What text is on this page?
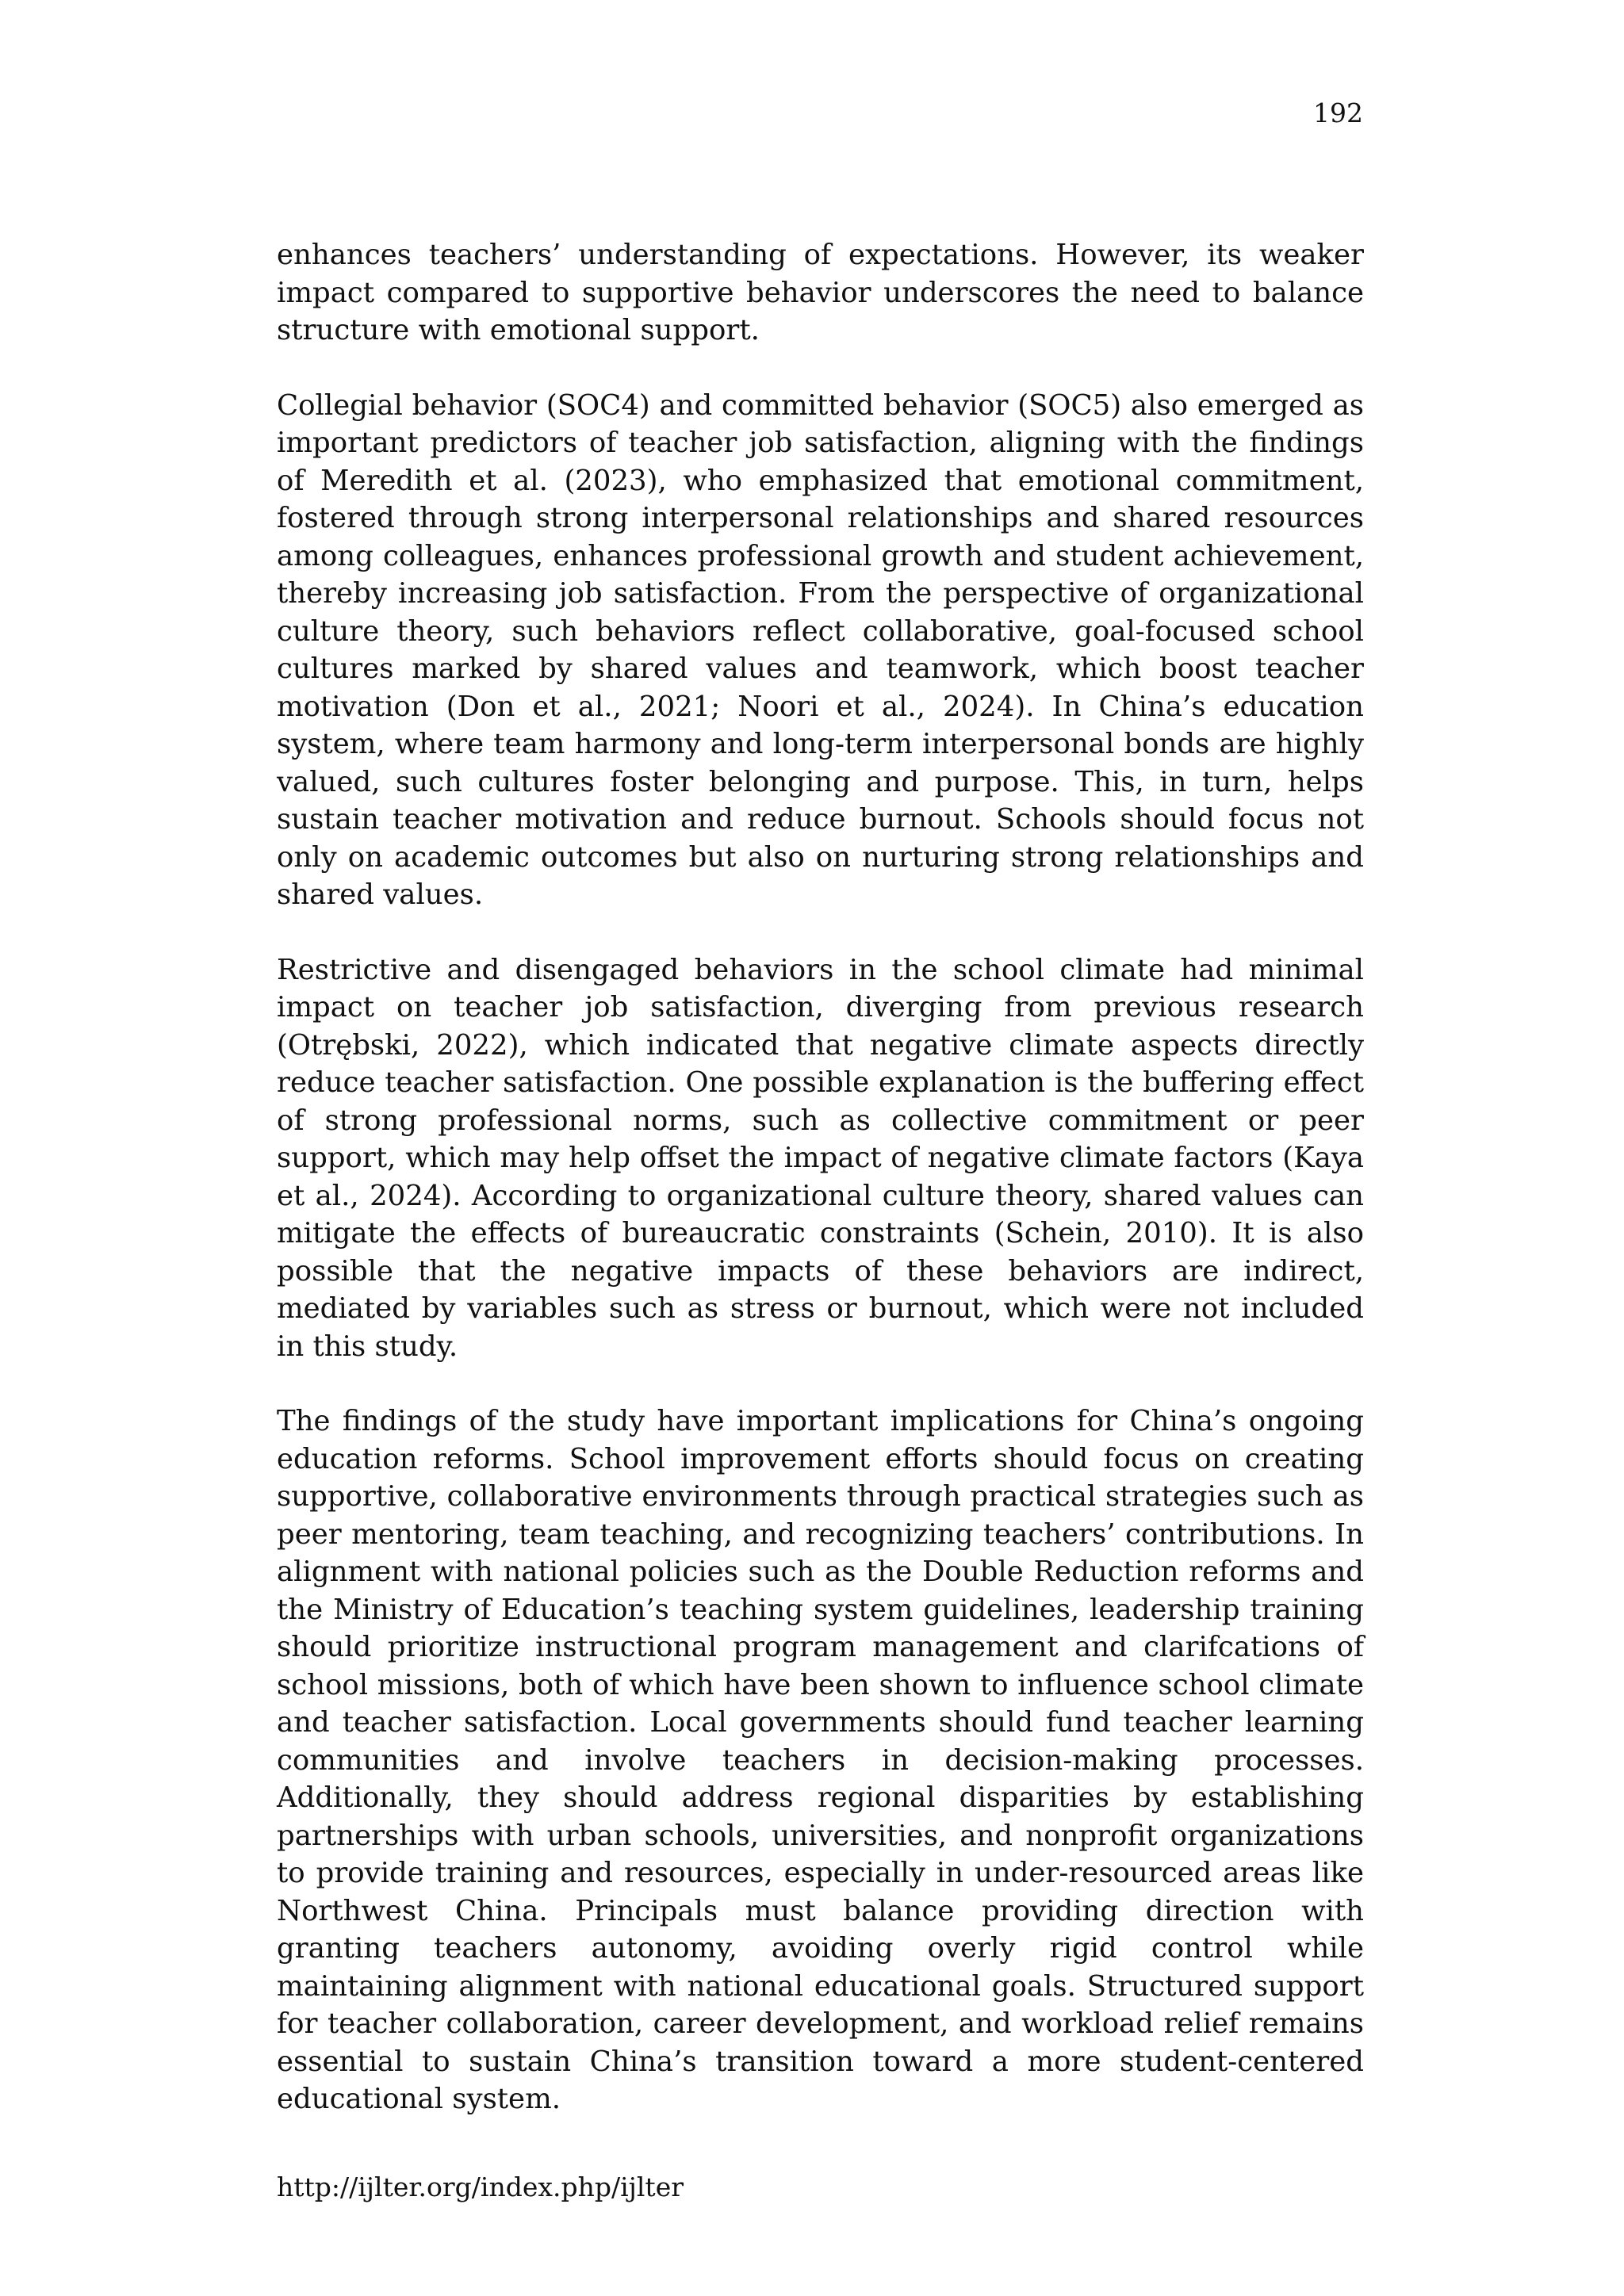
192

enhances teachers’ understanding of expectations. However, its weaker impact compared to supportive behavior underscores the need to balance structure with emotional support.

Collegial behavior (SOC4) and committed behavior (SOC5) also emerged as important predictors of teacher job satisfaction, aligning with the findings of Meredith et al. (2023), who emphasized that emotional commitment, fostered through strong interpersonal relationships and shared resources among colleagues, enhances professional growth and student achievement, thereby increasing job satisfaction. From the perspective of organizational culture theory, such behaviors reflect collaborative, goal-focused school cultures marked by shared values and teamwork, which boost teacher motivation (Don et al., 2021; Noori et al., 2024). In China’s education system, where team harmony and long-term interpersonal bonds are highly valued, such cultures foster belonging and purpose. This, in turn, helps sustain teacher motivation and reduce burnout. Schools should focus not only on academic outcomes but also on nurturing strong relationships and shared values.

Restrictive and disengaged behaviors in the school climate had minimal impact on teacher job satisfaction, diverging from previous research (Otrębski, 2022), which indicated that negative climate aspects directly reduce teacher satisfaction. One possible explanation is the buffering effect of strong professional norms, such as collective commitment or peer support, which may help offset the impact of negative climate factors (Kaya et al., 2024). According to organizational culture theory, shared values can mitigate the effects of bureaucratic constraints (Schein, 2010). It is also possible that the negative impacts of these behaviors are indirect, mediated by variables such as stress or burnout, which were not included in this study.

The findings of the study have important implications for China’s ongoing education reforms. School improvement efforts should focus on creating supportive, collaborative environments through practical strategies such as peer mentoring, team teaching, and recognizing teachers’ contributions. In alignment with national policies such as the Double Reduction reforms and the Ministry of Education’s teaching system guidelines, leadership training should prioritize instructional program management and clarifcations of school missions, both of which have been shown to influence school climate and teacher satisfaction. Local governments should fund teacher learning communities and involve teachers in decision-making processes. Additionally, they should address regional disparities by establishing partnerships with urban schools, universities, and nonprofit organizations to provide training and resources, especially in under-resourced areas like Northwest China. Principals must balance providing direction with granting teachers autonomy, avoiding overly rigid control while maintaining alignment with national educational goals. Structured support for teacher collaboration, career development, and workload relief remains essential to sustain China’s transition toward a more student-centered educational system.

http://ijlter.org/index.php/ijlter
